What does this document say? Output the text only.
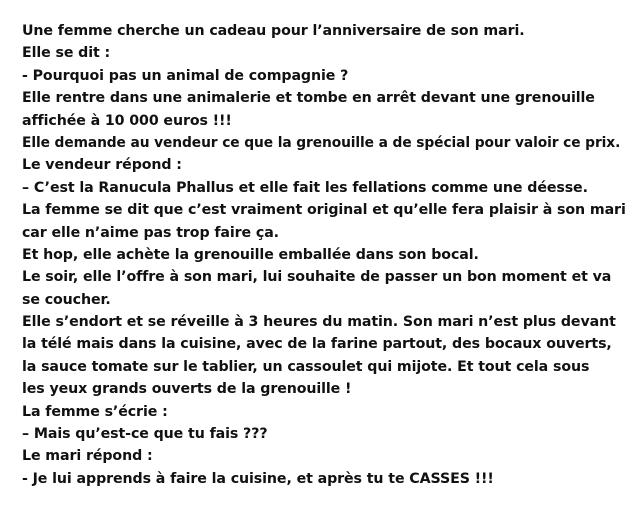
Une femme cherche un cadeau pour l’anniversaire de son mari.
Elle se dit :
- Pourquoi pas un animal de compagnie ?
Elle rentre dans une animalerie et tombe en arrêt devant une grenouille
affichée à 10 000 euros !!!
Elle demande au vendeur ce que la grenouille a de spécial pour valoir ce prix.
Le vendeur répond :
– C’est la Ranucula Phallus et elle fait les fellations comme une déesse.
La femme se dit que c’est vraiment original et qu’elle fera plaisir à son mari
car elle n’aime pas trop faire ça.
Et hop, elle achète la grenouille emballée dans son bocal.
Le soir, elle l’offre à son mari, lui souhaite de passer un bon moment et va
se coucher.
Elle s’endort et se réveille à 3 heures du matin. Son mari n’est plus devant
la télé mais dans la cuisine, avec de la farine partout, des bocaux ouverts,
la sauce tomate sur le tablier, un cassoulet qui mijote. Et tout cela sous
les yeux grands ouverts de la grenouille !
La femme s’écrie :
– Mais qu’est-ce que tu fais ???
Le mari répond :
- Je lui apprends à faire la cuisine, et après tu te CASSES !!!
